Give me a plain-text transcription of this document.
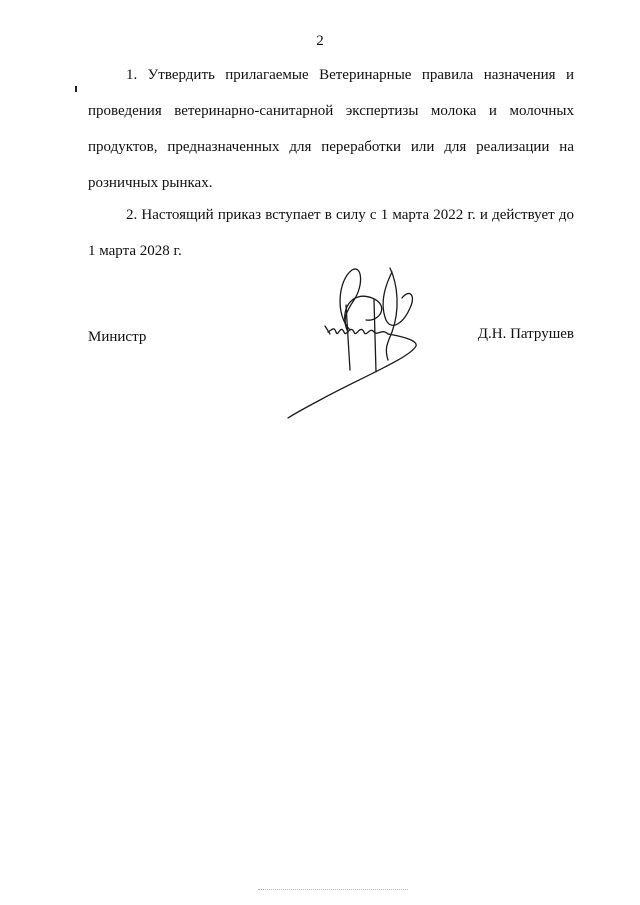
2

1. Утвердить прилагаемые Ветеринарные правила назначения и проведения ветеринарно-санитарной экспертизы молока и молочных продуктов, предназначенных для переработки или для реализации на розничных рынках.

2. Настоящий приказ вступает в силу с 1 марта 2022 г. и действует до 1 марта 2028 г.

Министр	Д.Н. Патрушев
